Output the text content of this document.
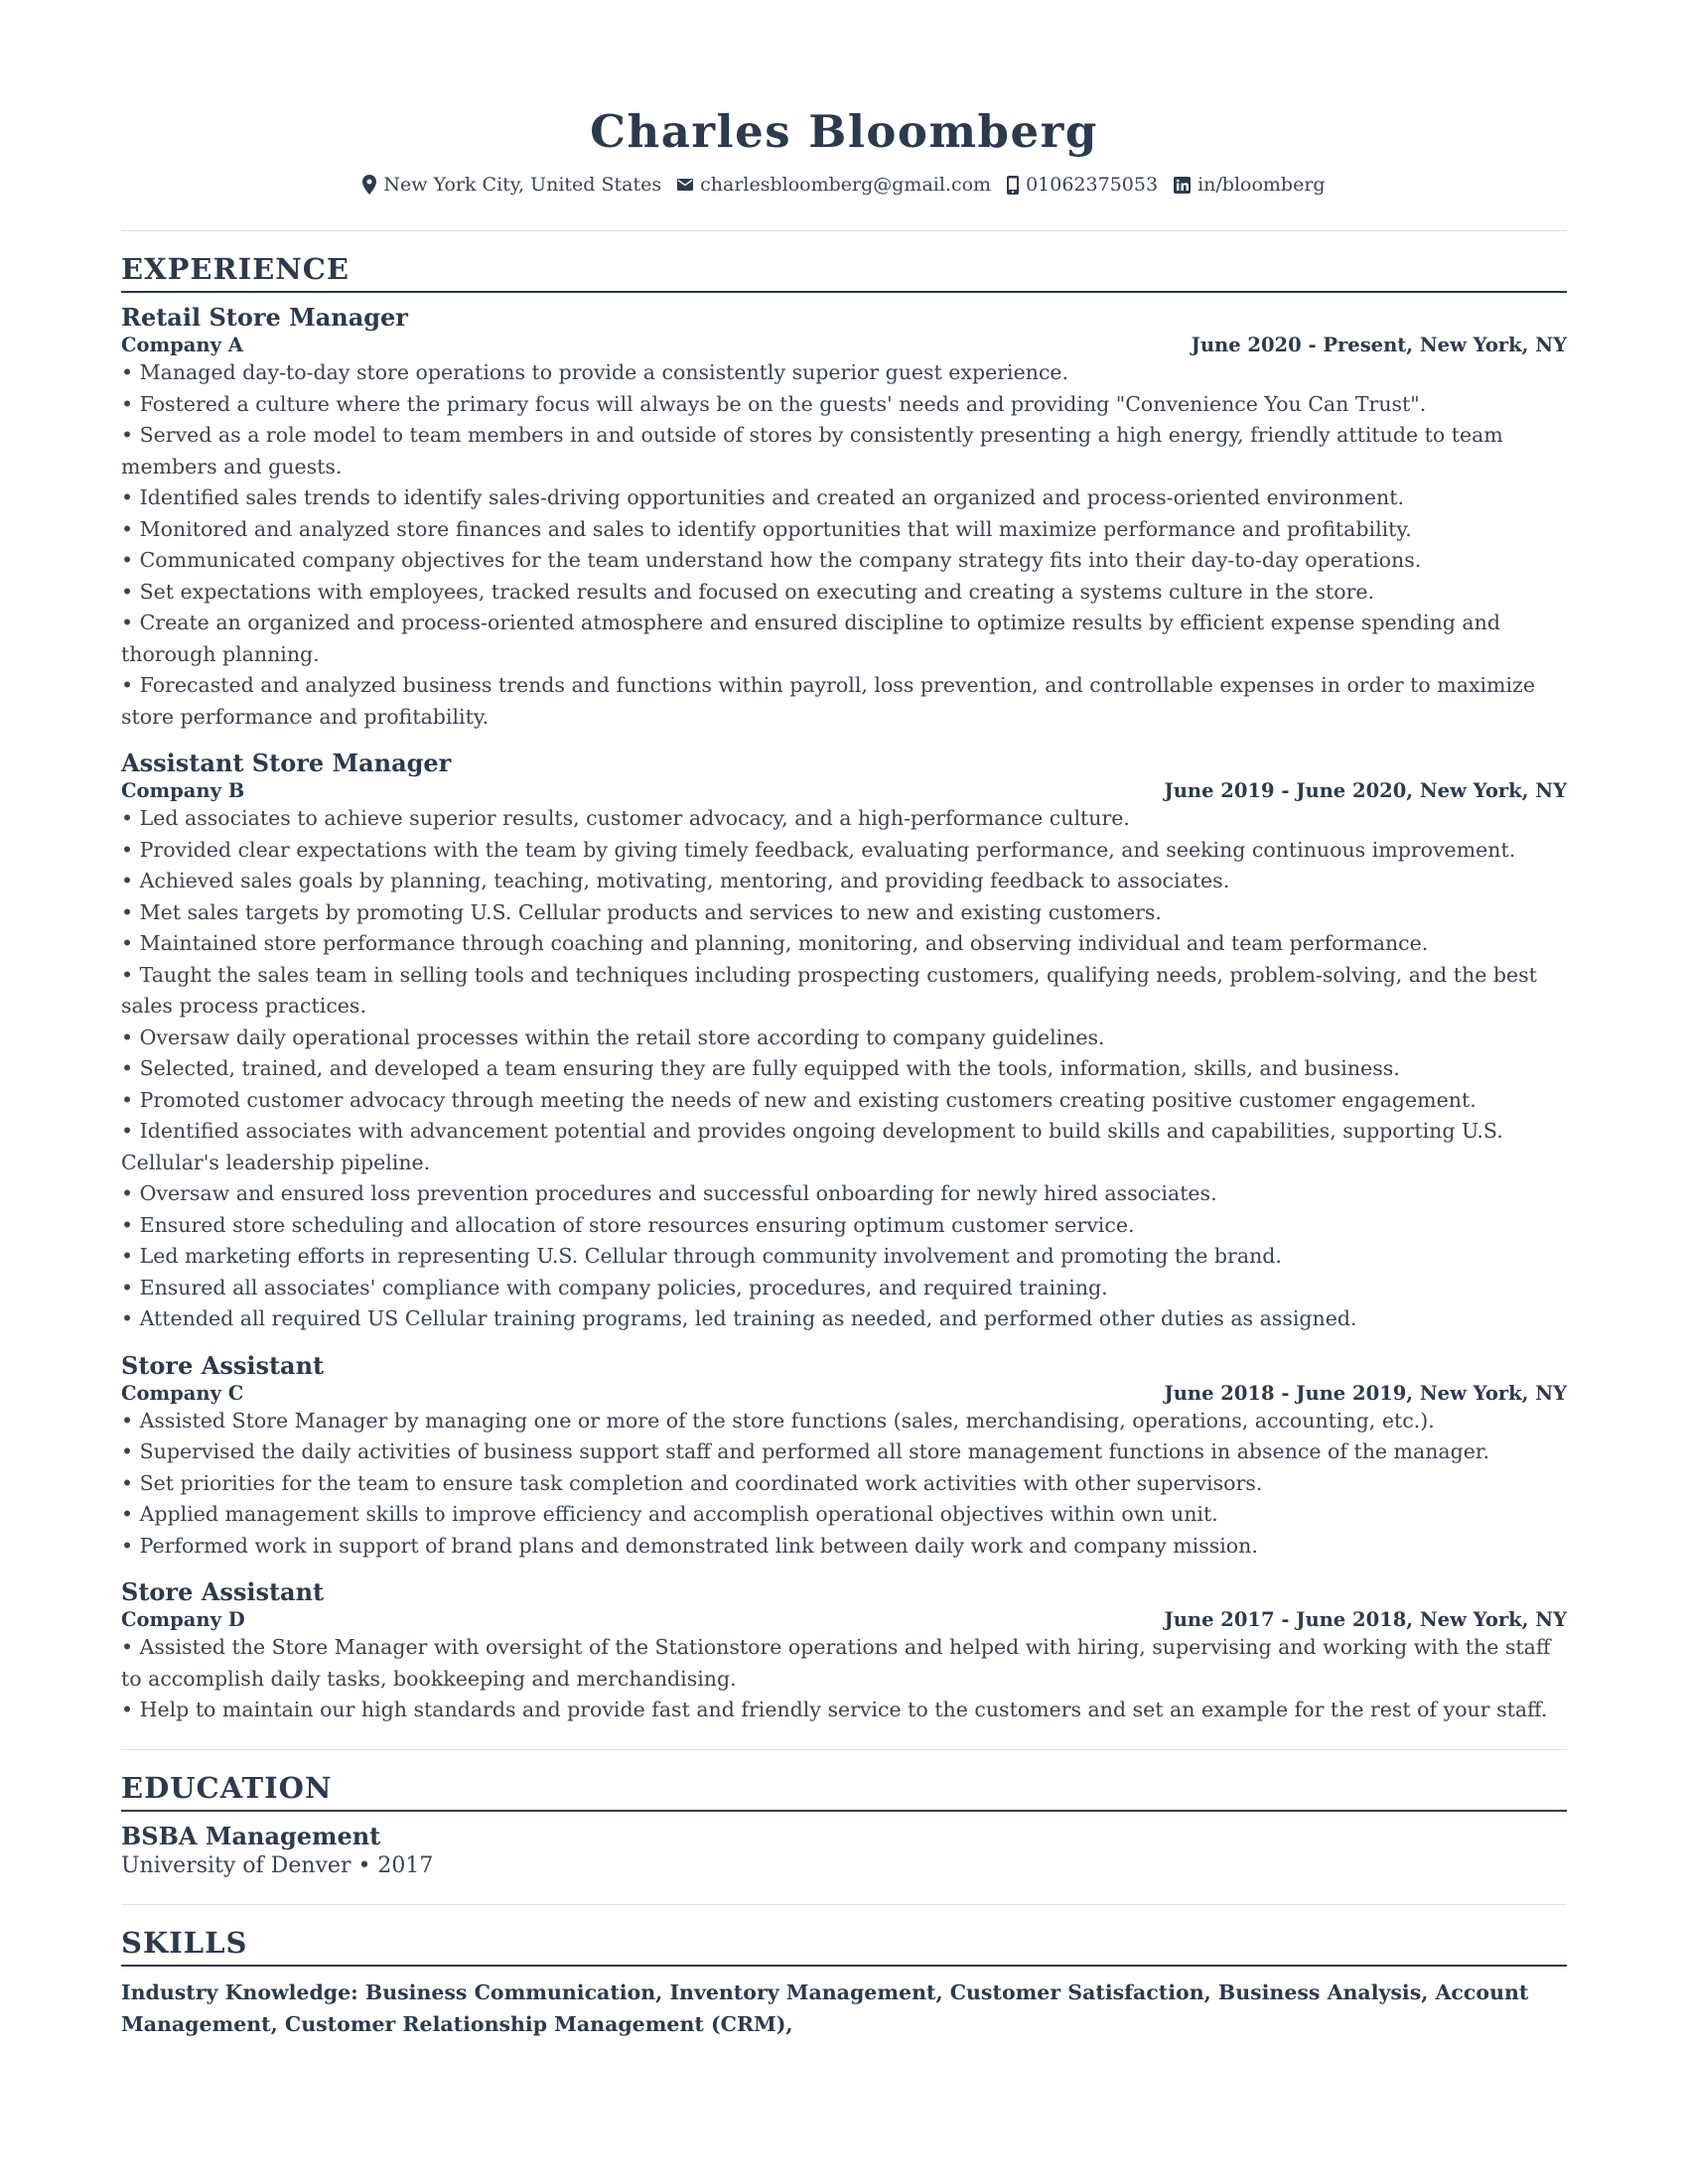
Charles Bloomberg
New York City, United States charlesbloomberg@gmail.com 01062375053 in/bloomberg
EXPERIENCE
Retail Store Manager
Company A	June 2020 - Present, New York, NY
• Managed day-to-day store operations to provide a consistently superior guest experience.
• Fostered a culture where the primary focus will always be on the guests' needs and providing "Convenience You Can Trust".
• Served as a role model to team members in and outside of stores by consistently presenting a high energy, friendly attitude to team members and guests.
• Identified sales trends to identify sales-driving opportunities and created an organized and process-oriented environment.
• Monitored and analyzed store finances and sales to identify opportunities that will maximize performance and profitability.
• Communicated company objectives for the team understand how the company strategy fits into their day-to-day operations.
• Set expectations with employees, tracked results and focused on executing and creating a systems culture in the store.
• Create an organized and process-oriented atmosphere and ensured discipline to optimize results by efficient expense spending and thorough planning.
• Forecasted and analyzed business trends and functions within payroll, loss prevention, and controllable expenses in order to maximize store performance and profitability.
Assistant Store Manager
Company B	June 2019 - June 2020, New York, NY
• Led associates to achieve superior results, customer advocacy, and a high-performance culture.
• Provided clear expectations with the team by giving timely feedback, evaluating performance, and seeking continuous improvement.
• Achieved sales goals by planning, teaching, motivating, mentoring, and providing feedback to associates.
• Met sales targets by promoting U.S. Cellular products and services to new and existing customers.
• Maintained store performance through coaching and planning, monitoring, and observing individual and team performance.
• Taught the sales team in selling tools and techniques including prospecting customers, qualifying needs, problem-solving, and the best sales process practices.
• Oversaw daily operational processes within the retail store according to company guidelines.
• Selected, trained, and developed a team ensuring they are fully equipped with the tools, information, skills, and business.
• Promoted customer advocacy through meeting the needs of new and existing customers creating positive customer engagement.
• Identified associates with advancement potential and provides ongoing development to build skills and capabilities, supporting U.S. Cellular's leadership pipeline.
• Oversaw and ensured loss prevention procedures and successful onboarding for newly hired associates.
• Ensured store scheduling and allocation of store resources ensuring optimum customer service.
• Led marketing efforts in representing U.S. Cellular through community involvement and promoting the brand.
• Ensured all associates' compliance with company policies, procedures, and required training.
• Attended all required US Cellular training programs, led training as needed, and performed other duties as assigned.
Store Assistant
Company C	June 2018 - June 2019, New York, NY
• Assisted Store Manager by managing one or more of the store functions (sales, merchandising, operations, accounting, etc.).
• Supervised the daily activities of business support staff and performed all store management functions in absence of the manager.
• Set priorities for the team to ensure task completion and coordinated work activities with other supervisors.
• Applied management skills to improve efficiency and accomplish operational objectives within own unit.
• Performed work in support of brand plans and demonstrated link between daily work and company mission.
Store Assistant
Company D	June 2017 - June 2018, New York, NY
• Assisted the Store Manager with oversight of the Stationstore operations and helped with hiring, supervising and working with the staff to accomplish daily tasks, bookkeeping and merchandising.
• Help to maintain our high standards and provide fast and friendly service to the customers and set an example for the rest of your staff.
EDUCATION
BSBA Management
University of Denver • 2017
SKILLS
Industry Knowledge: Business Communication, Inventory Management, Customer Satisfaction, Business Analysis, Account Management, Customer Relationship Management (CRM),
